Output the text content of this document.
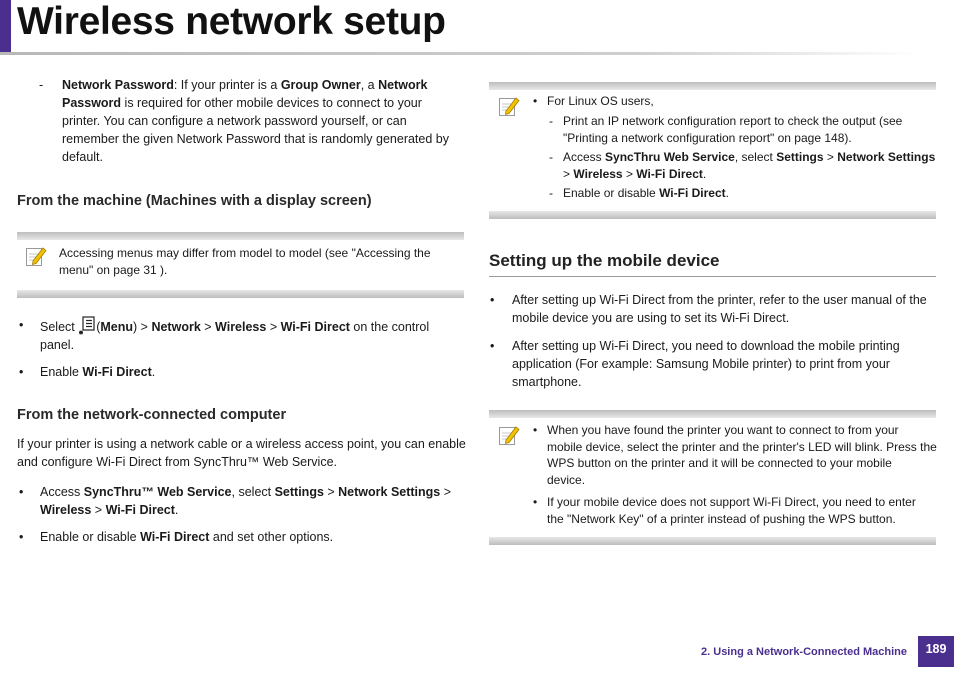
Wireless network setup
- Network Password: If your printer is a Group Owner, a Network
Password is required for other mobile devices to connect to your
printer. You can configure a network password yourself, or can
remember the given Network Password that is randomly generated by
default.
From the machine (Machines with a display screen)
Accessing menus may differ from model to model (see "Accessing the
menu" on page 31 ).
• Select (Menu) > Network > Wireless > Wi-Fi Direct on the control
panel.
• Enable Wi-Fi Direct.
From the network-connected computer
If your printer is using a network cable or a wireless access point, you can enable
and configure Wi-Fi Direct from SyncThru™ Web Service.
• Access SyncThru™ Web Service, select Settings > Network Settings >
Wireless > Wi-Fi Direct.
• Enable or disable Wi-Fi Direct and set other options.
• For Linux OS users,
- Print an IP network configuration report to check the output (see
"Printing a network configuration report" on page 148).
- Access SyncThru Web Service, select Settings > Network Settings
> Wireless > Wi-Fi Direct.
- Enable or disable Wi-Fi Direct.
Setting up the mobile device
• After setting up Wi-Fi Direct from the printer, refer to the user manual of the
mobile device you are using to set its Wi-Fi Direct.
• After setting up Wi-Fi Direct, you need to download the mobile printing
application (For example: Samsung Mobile printer) to print from your
smartphone.
• When you have found the printer you want to connect to from your
mobile device, select the printer and the printer's LED will blink. Press the
WPS button on the printer and it will be connected to your mobile
device.
• If your mobile device does not support Wi-Fi Direct, you need to enter
the "Network Key" of a printer instead of pushing the WPS button.
2. Using a Network-Connected Machine	189
